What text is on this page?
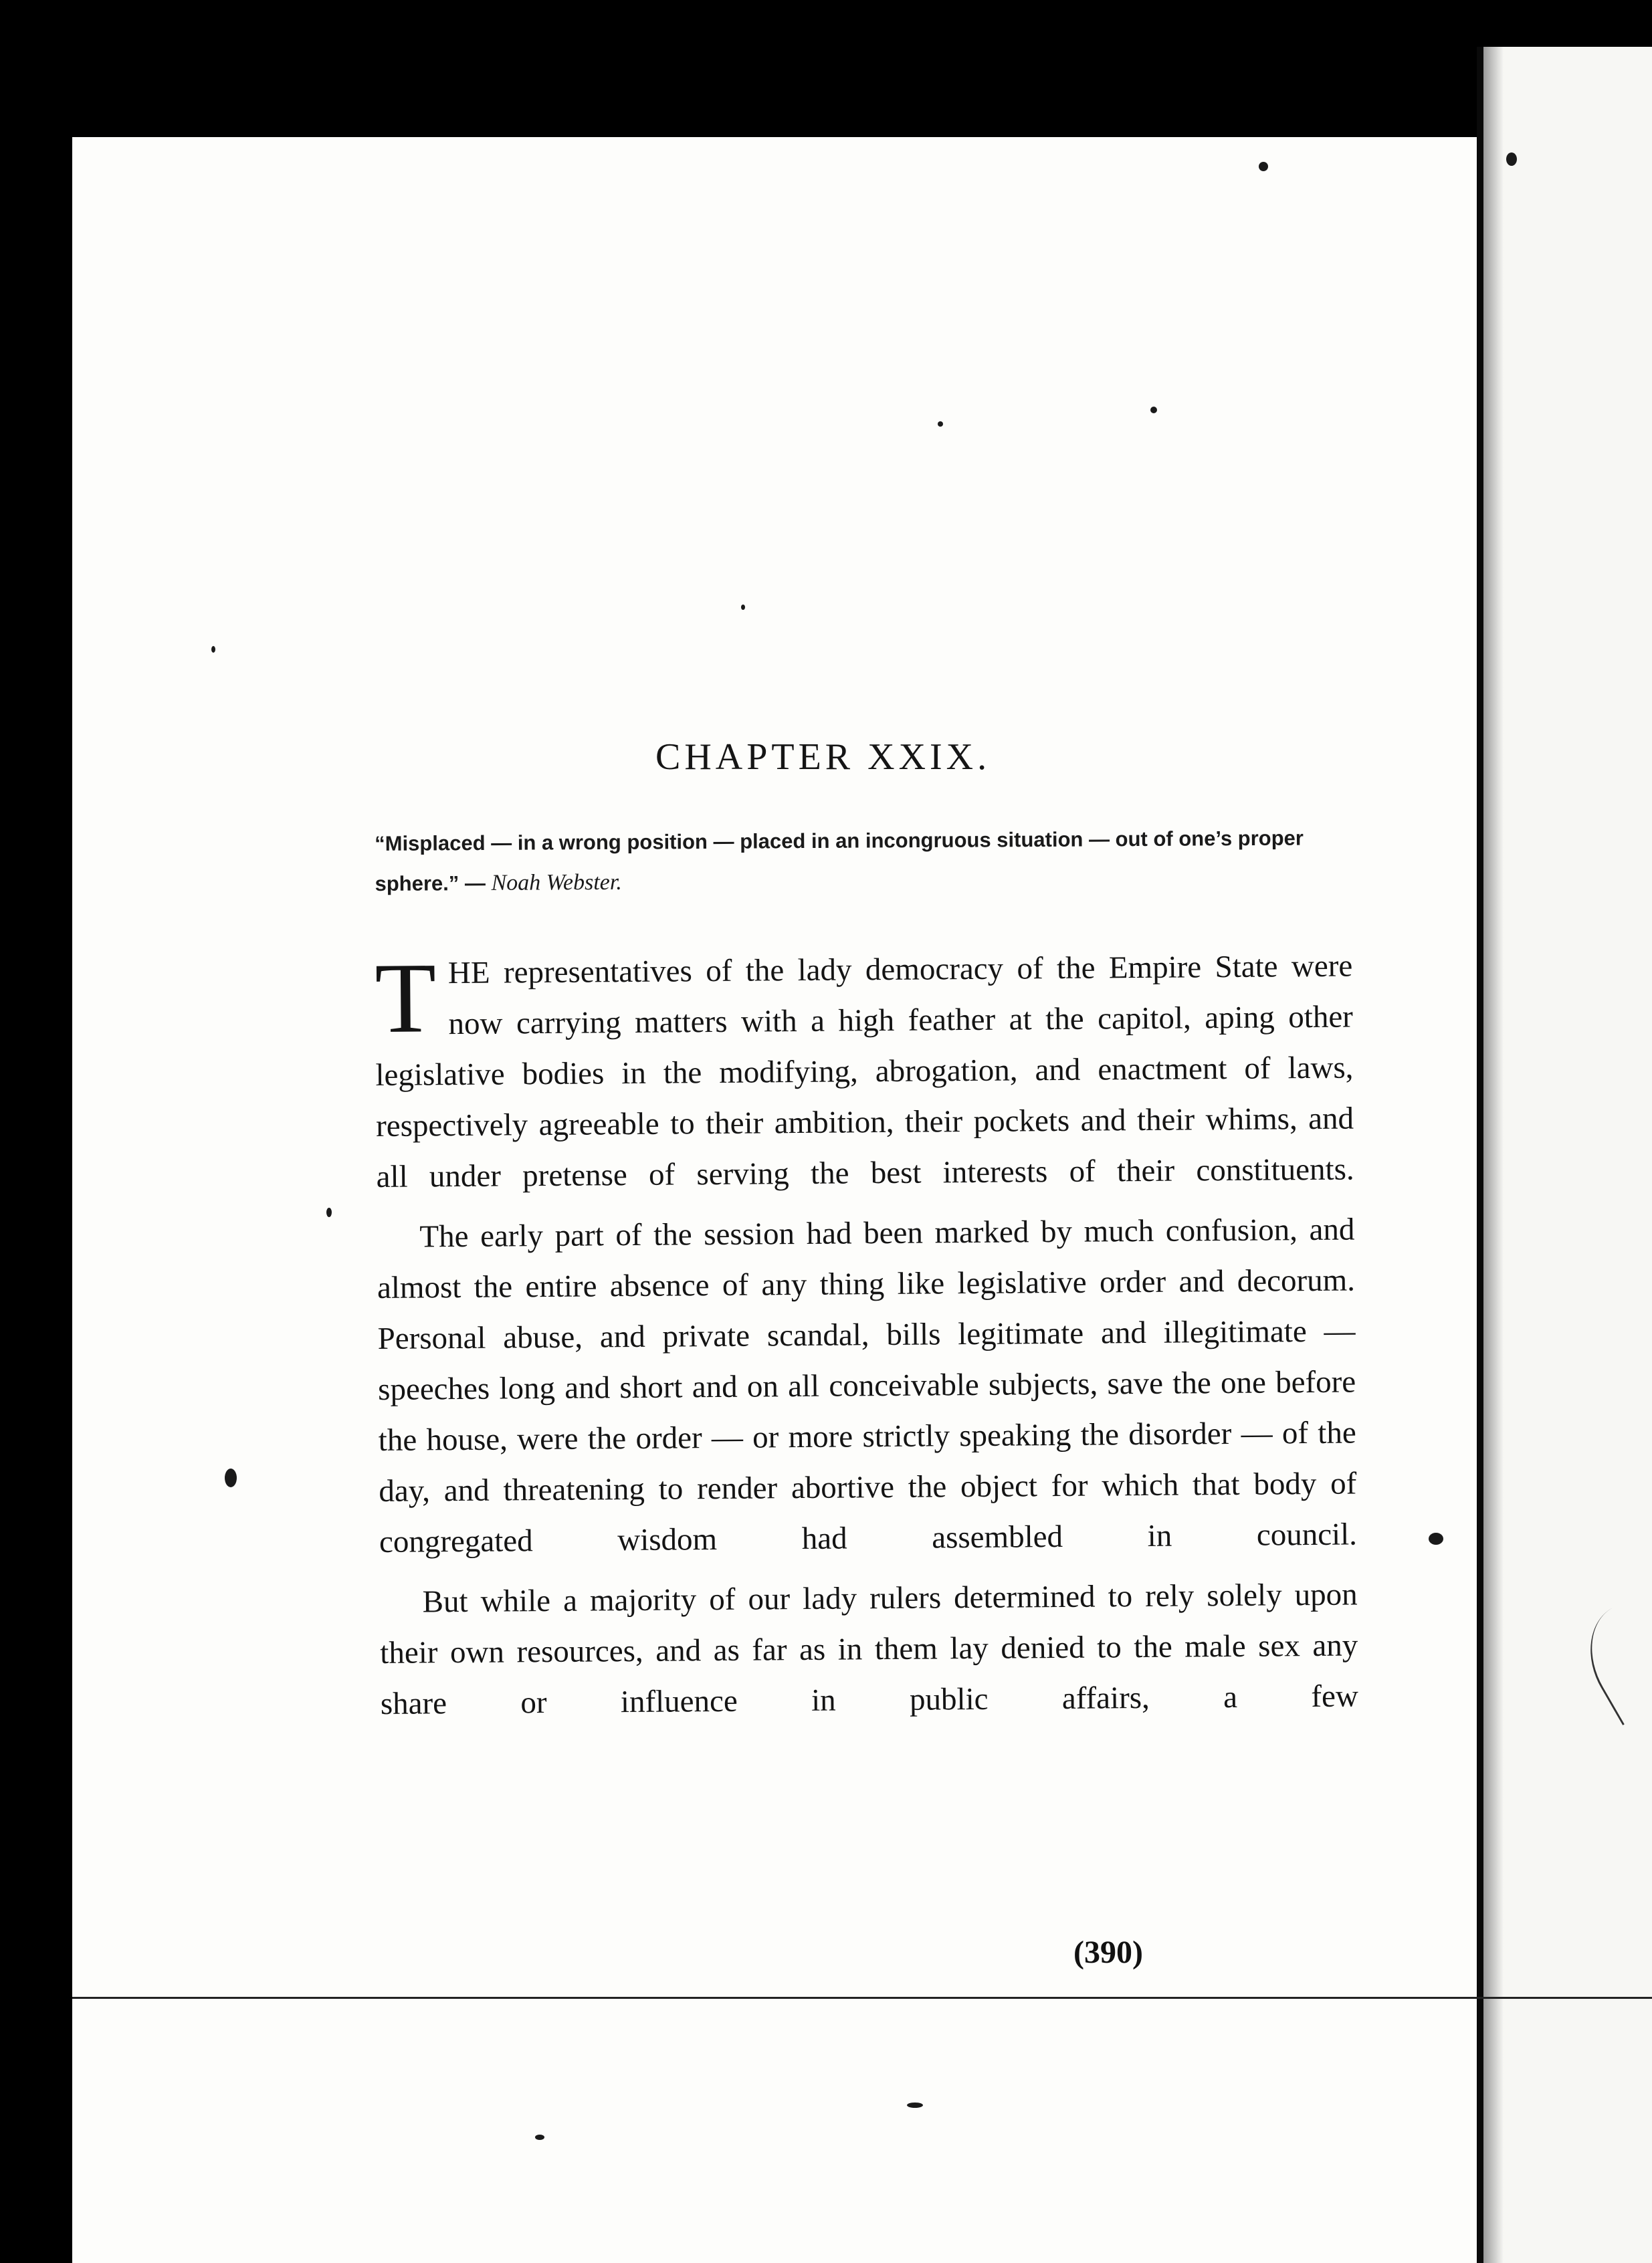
CHAPTER XXIX.
“Misplaced — in a wrong position — placed in an incongruous situation — out of one’s proper sphere.” — Noah Webster.

THE representatives of the lady democracy of the Empire State were now carrying matters with a high feather at the capitol, aping other legislative bodies in the modifying, abrogation, and enactment of laws, respectively agreeable to their ambition, their pockets and their whims, and all under pretense of serving the best interests of their constituents.

The early part of the session had been marked by much confusion, and almost the entire absence of any thing like legislative order and decorum. Personal abuse, and private scandal, bills legitimate and illegitimate — speeches long and short and on all conceivable subjects, save the one before the house, were the order — or more strictly speaking the disorder — of the day, and threatening to render abortive the object for which that body of congregated wisdom had assembled in council.

But while a majority of our lady rulers determined to rely solely upon their own resources, and as far as in them lay denied to the male sex any share or influence in public affairs, a few

(390)
